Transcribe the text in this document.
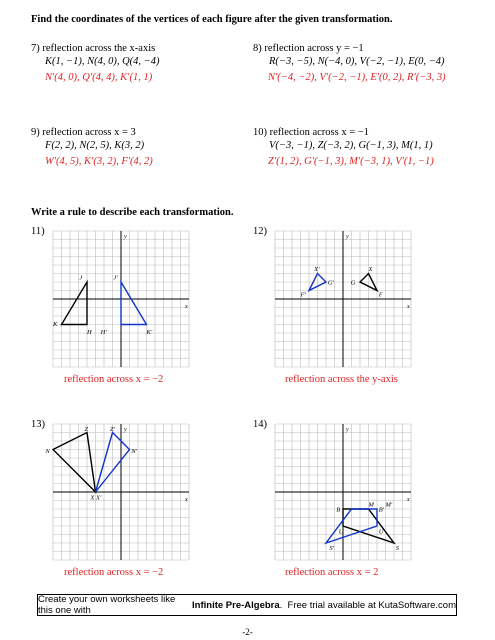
Find the coordinates of the vertices of each figure after the given transformation.
7) reflection across the x-axis
K(1, −1), N(4, 0), Q(4, −4)
N′(4, 0), Q′(4, 4), K′(1, 1)
8) reflection across y = −1
R(−3, −5), N(−4, 0), V(−2, −1), E(0, −4)
N′(−4, −2), V′(−2, −1), E′(0, 2), R′(−3, 3)
9) reflection across x = 3
F(2, 2), N(2, 5), K(3, 2)
W′(4, 5), K′(3, 2), F′(4, 2)
10) reflection across x = −1
V(−3, −1), Z(−3, 2), G(−1, 3), M(1, 1)
Z′(1, 2), G′(−1, 3), M′(−3, 1), V′(1, −1)
Write a rule to describe each transformation.
11)	12)
13)	14)
reflection across x = −2	reflection across the y-axis
reflection across x = −2	reflection across x = 2
x
y
J	J′
K
H H′	K′
x
y
X′
G′
F′
G
X
F
x
y
Z	Z′
N	N′
X X′	x
y
B
M M′
B′
U	U′
S′	S
Create your own worksheets like this one with	Infinite Pre-Algebra .  Free trial available at KutaSoftware.com
-2-
